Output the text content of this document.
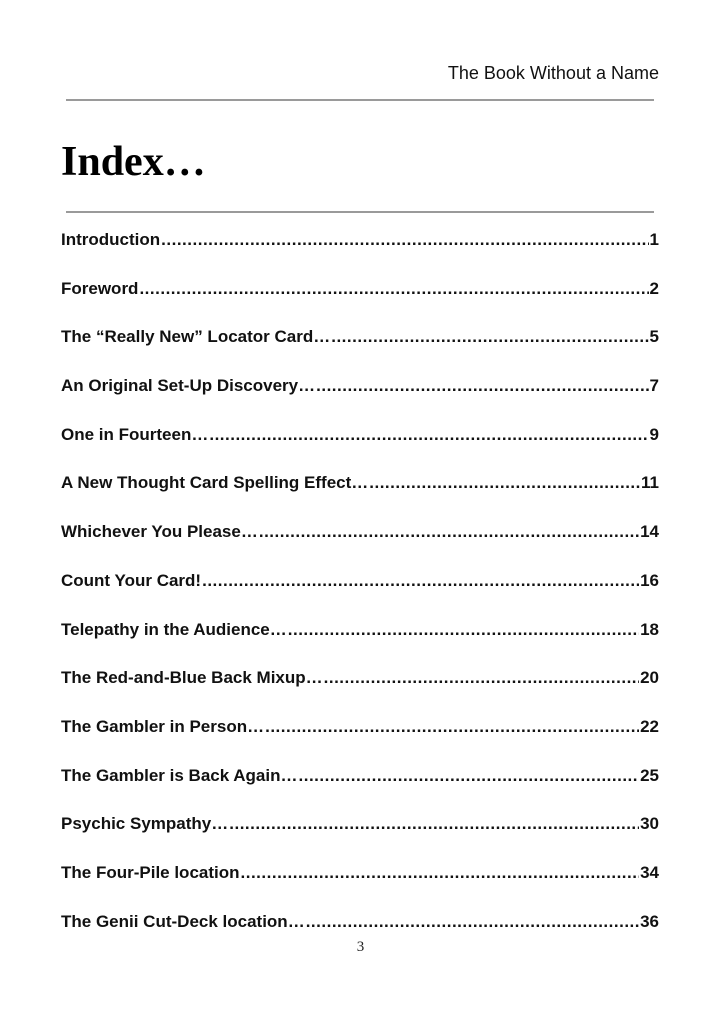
The Book Without a Name
Index…
Introduction .....	1
Foreword .....	2
The “Really New” Locator Card… .....	5
An Original Set-Up Discovery… .....	7
One in Fourteen… .....	9
A New Thought Card Spelling Effect… .....	11
Whichever You Please… .....	14
Count Your Card! .....	16
Telepathy in the Audience… .....	18
The Red-and-Blue Back Mixup… .....	20
The Gambler in Person… .....	22
The Gambler is Back Again… .....	25
Psychic Sympathy… .....	30
The Four-Pile location .....	34
The Genii Cut-Deck location… .....	36
3
